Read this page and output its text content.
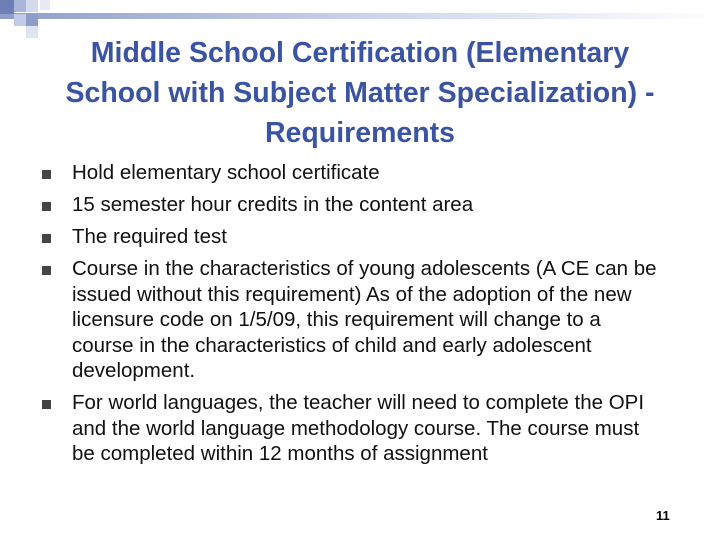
Middle School Certification (Elementary School with Subject Matter Specialization) - Requirements
Hold elementary school certificate
15 semester hour credits in the content area
The required test
Course in the characteristics of young adolescents (A CE can be issued without this requirement) As of the adoption of the new licensure code on 1/5/09, this requirement will change to a course in the characteristics of child and early adolescent development.
For world languages, the teacher will need to complete the OPI and the world language methodology course. The course must be completed within 12 months of assignment
11
